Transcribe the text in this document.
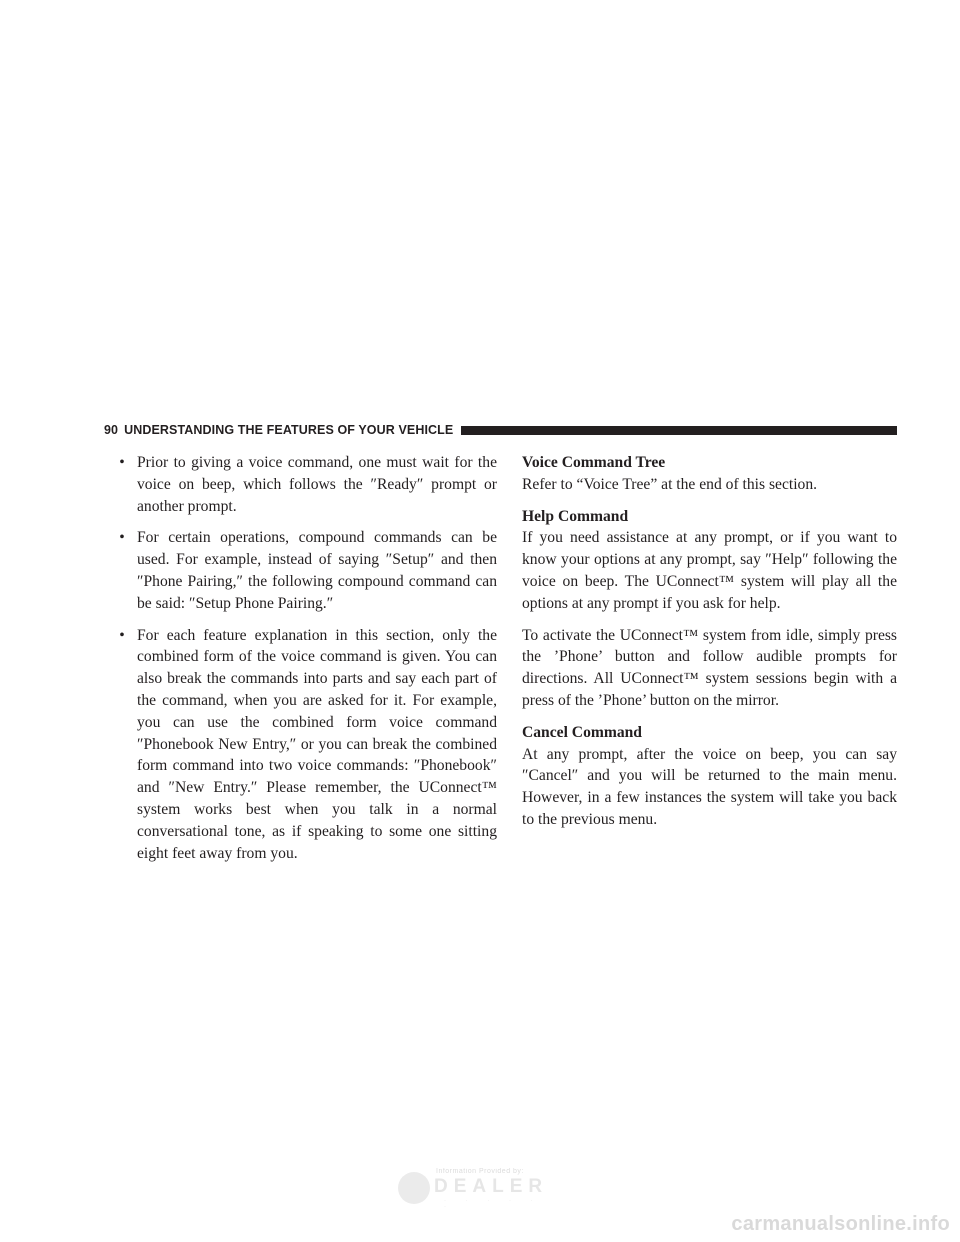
90 UNDERSTANDING THE FEATURES OF YOUR VEHICLE

• Prior to giving a voice command, one must wait for the voice on beep, which follows the ″Ready″ prompt or another prompt.

• For certain operations, compound commands can be used. For example, instead of saying ″Setup″ and then ″Phone Pairing,″ the following compound command can be said: ″Setup Phone Pairing.″

• For each feature explanation in this section, only the combined form of the voice command is given. You can also break the commands into parts and say each part of the command, when you are asked for it. For example, you can use the combined form voice command ″Phonebook New Entry,″ or you can break the combined form command into two voice commands: ″Phonebook″ and ″New Entry.″ Please remember, the UConnect™ system works best when you talk in a normal conversational tone, as if speaking to some one sitting eight feet away from you.

Voice Command Tree

Refer to “Voice Tree” at the end of this section.

Help Command

If you need assistance at any prompt, or if you want to know your options at any prompt, say ″Help″ following the voice on beep. The UConnect™ system will play all the options at any prompt if you ask for help.

To activate the UConnect™ system from idle, simply press the ’Phone’ button and follow audible prompts for directions. All UConnect™ system sessions begin with a press of the ’Phone’ button on the mirror.

Cancel Command

At any prompt, after the voice on beep, you can say ″Cancel″ and you will be returned to the main menu. However, in a few instances the system will take you back to the previous menu.

Information Provided by:
DEALER
· · · · · ·
carmanualsonline.info
